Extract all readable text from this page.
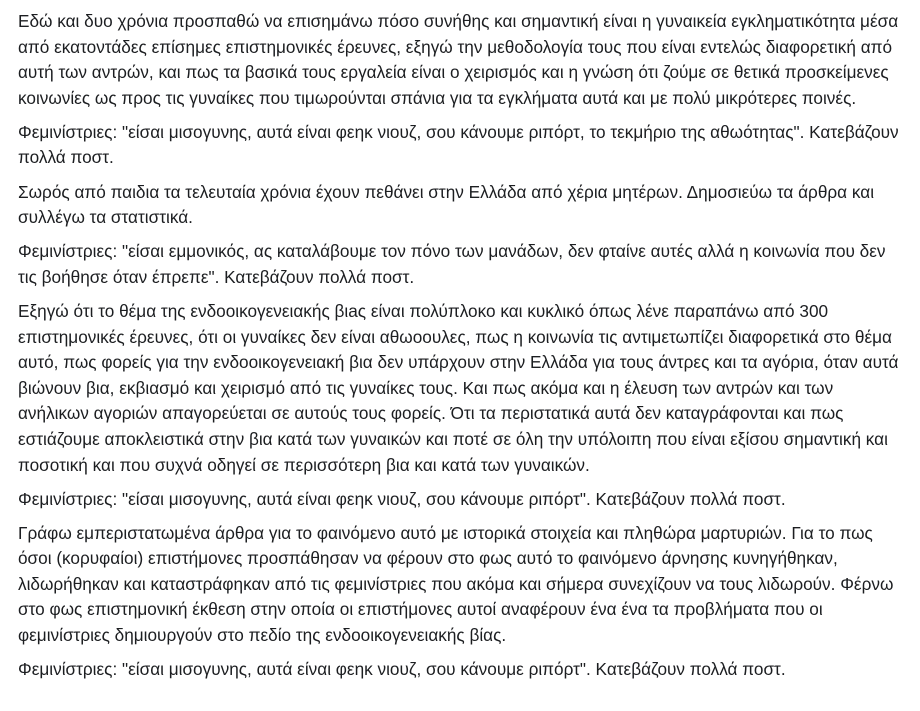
Εδώ και δυο χρόνια προσπαθώ να επισημάνω πόσο συνήθης και σημαντική είναι η γυναικεία εγκληματικότητα μέσα από εκατοντάδες επίσημες επιστημονικές έρευνες, εξηγώ την μεθοδολογία τους που είναι εντελώς διαφορετική από αυτή των αντρών, και πως τα βασικά τους εργαλεία είναι ο χειρισμός και η γνώση ότι ζούμε σε θετικά προσκείμενες κοινωνίες ως προς τις γυναίκες που τιμωρούνται σπάνια για τα εγκλήματα αυτά και με πολύ μικρότερες ποινές.

Φεμινίστριες: "είσαι μισογυνης, αυτά είναι φεηκ νιουζ, σου κάνουμε ριπόρτ, το τεκμήριο της αθωότητας". Κατεβάζουν πολλά ποστ.

Σωρός από παιδια τα τελευταία χρόνια έχουν πεθάνει στην Ελλάδα από χέρια μητέρων. Δημοσιεύω τα άρθρα και συλλέγω τα στατιστικά.

Φεμινίστριες: "είσαι εμμονικός, ας καταλάβουμε τον πόνο των μανάδων, δεν φταίνε αυτές αλλά η κοινωνία που δεν τις βοήθησε όταν έπρεπε". Κατεβάζουν πολλά ποστ.

Εξηγώ ότι το θέμα της ενδοοικογενειακής βιaς είναι πολύπλοκο και κυκλικό όπως λένε παραπάνω από 300 επιστημονικές έρευνες, ότι οι γυναίκες δεν είναι αθωοουλες, πως η κοινωνία τις αντιμετωπίζει διαφορετικά στο θέμα αυτό, πως φορείς για την ενδοοικογενειακή βια δεν υπάρχουν στην Ελλάδα για τους άντρες και τα αγόρια, όταν αυτά βιώνουν βια, εκβιασμό και χειρισμό από τις γυναίκες τους. Και πως ακόμα και η έλευση των αντρών και των ανήλικων αγοριών απαγορεύεται σε αυτούς τους φορείς. Ότι τα περιστατικά αυτά δεν καταγράφονται και πως εστιάζουμε αποκλειστικά στην βια κατά των γυναικών και ποτέ σε όλη την υπόλοιπη που είναι εξίσου σημαντική και ποσοτική και που συχνά οδηγεί σε περισσότερη βια και κατά των γυναικών.

Φεμινίστριες: "είσαι μισογυνης, αυτά είναι φεηκ νιουζ, σου κάνουμε ριπόρτ". Κατεβάζουν πολλά ποστ.

Γράφω εμπεριστατωμένα άρθρα για το φαινόμενο αυτό με ιστορικά στοιχεία και πληθώρα μαρτυριών. Για το πως όσοι (κορυφαίοι) επιστήμονες προσπάθησαν να φέρουν στο φως αυτό το φαινόμενο άρνησης κυνηγήθηκαν, λιδωρήθηκαν και καταστράφηκαν από τις φεμινίστριες που ακόμα και σήμερα συνεχίζουν να τους λιδωρούν. Φέρνω στο φως επιστημονική έκθεση στην οποία οι επιστήμονες αυτοί αναφέρουν ένα ένα τα προβλήματα που οι φεμινίστριες δημιουργούν στο πεδίο της ενδοοικογενειακής βίας.

Φεμινίστριες: "είσαι μισογυνης, αυτά είναι φεηκ νιουζ, σου κάνουμε ριπόρτ". Κατεβάζουν πολλά ποστ.
